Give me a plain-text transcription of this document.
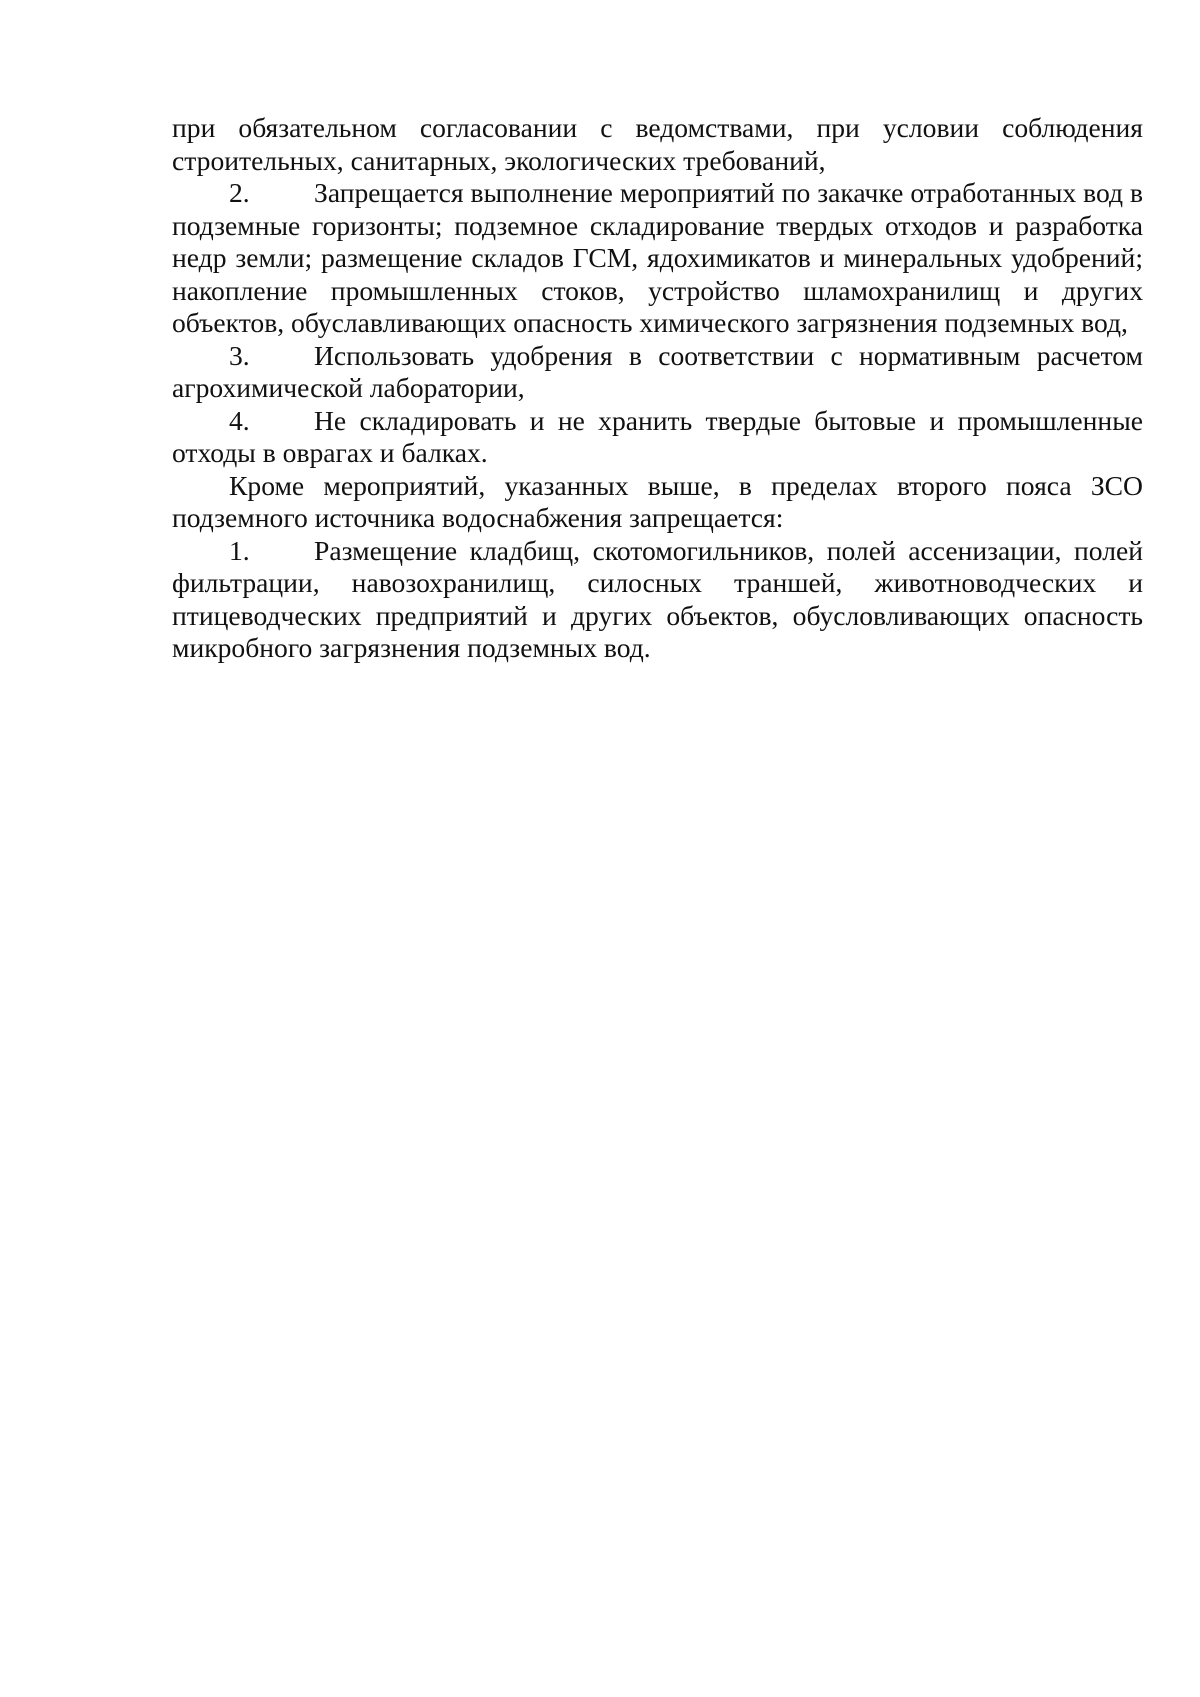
при обязательном согласовании с ведомствами, при условии соблюдения строительных, санитарных, экологических требований,

2. Запрещается выполнение мероприятий по закачке отработанных вод в подземные горизонты; подземное складирование твердых отходов и разработка недр земли; размещение складов ГСМ, ядохимикатов и минеральных удобрений; накопление промышленных стоков, устройство шламохранилищ и других объектов, обуславливающих опасность химического загрязнения подземных вод,

3. Использовать удобрения в соответствии с нормативным расчетом агрохимической лаборатории,

4. Не складировать и не хранить твердые бытовые и промышленные отходы в оврагах и балках.

Кроме мероприятий, указанных выше, в пределах второго пояса ЗСО подземного источника водоснабжения запрещается:

1. Размещение кладбищ, скотомогильников, полей ассенизации, полей фильтрации, навозохранилищ, силосных траншей, животноводческих и птицеводческих предприятий и других объектов, обусловливающих опасность микробного загрязнения подземных вод.
